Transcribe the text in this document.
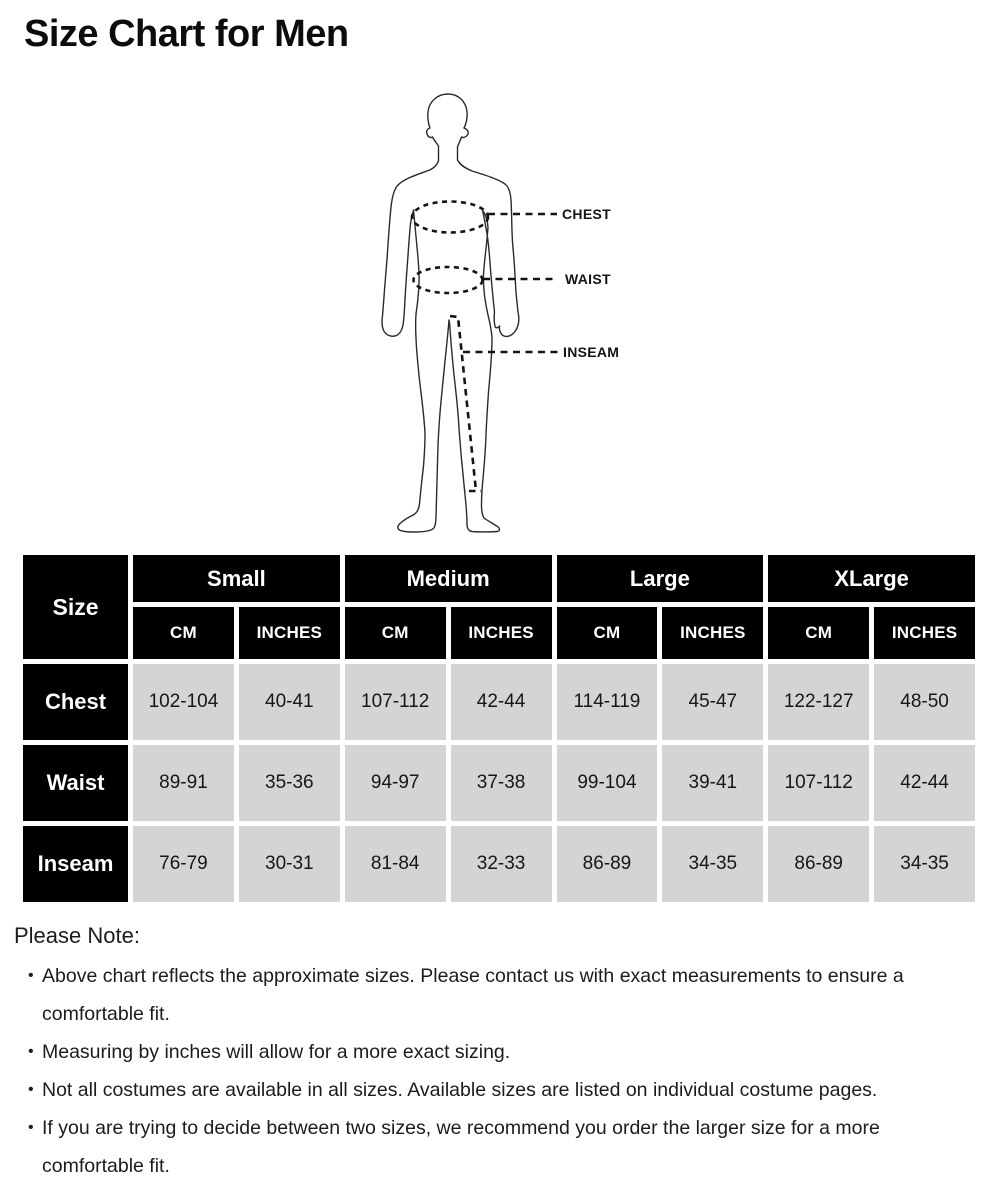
Size Chart for Men
CHEST
WAIST
INSEAM
Size
Small	Medium	Large	XLarge
CM	INCHES	CM	INCHES	CM	INCHES	CM	INCHES
Chest	102-104	40-41	107-112	42-44	114-119	45-47	122-127	48-50
Waist	89-91	35-36	94-97	37-38	99-104	39-41	107-112	42-44
Inseam	76-79	30-31	81-84	32-33	86-89	34-35	86-89	34-35
Please Note:
• Above chart reflects the approximate sizes. Please contact us with exact measurements to ensure a comfortable fit.
• Measuring by inches will allow for a more exact sizing.
• Not all costumes are available in all sizes. Available sizes are listed on individual costume pages.
• If you are trying to decide between two sizes, we recommend you order the larger size for a more comfortable fit.
